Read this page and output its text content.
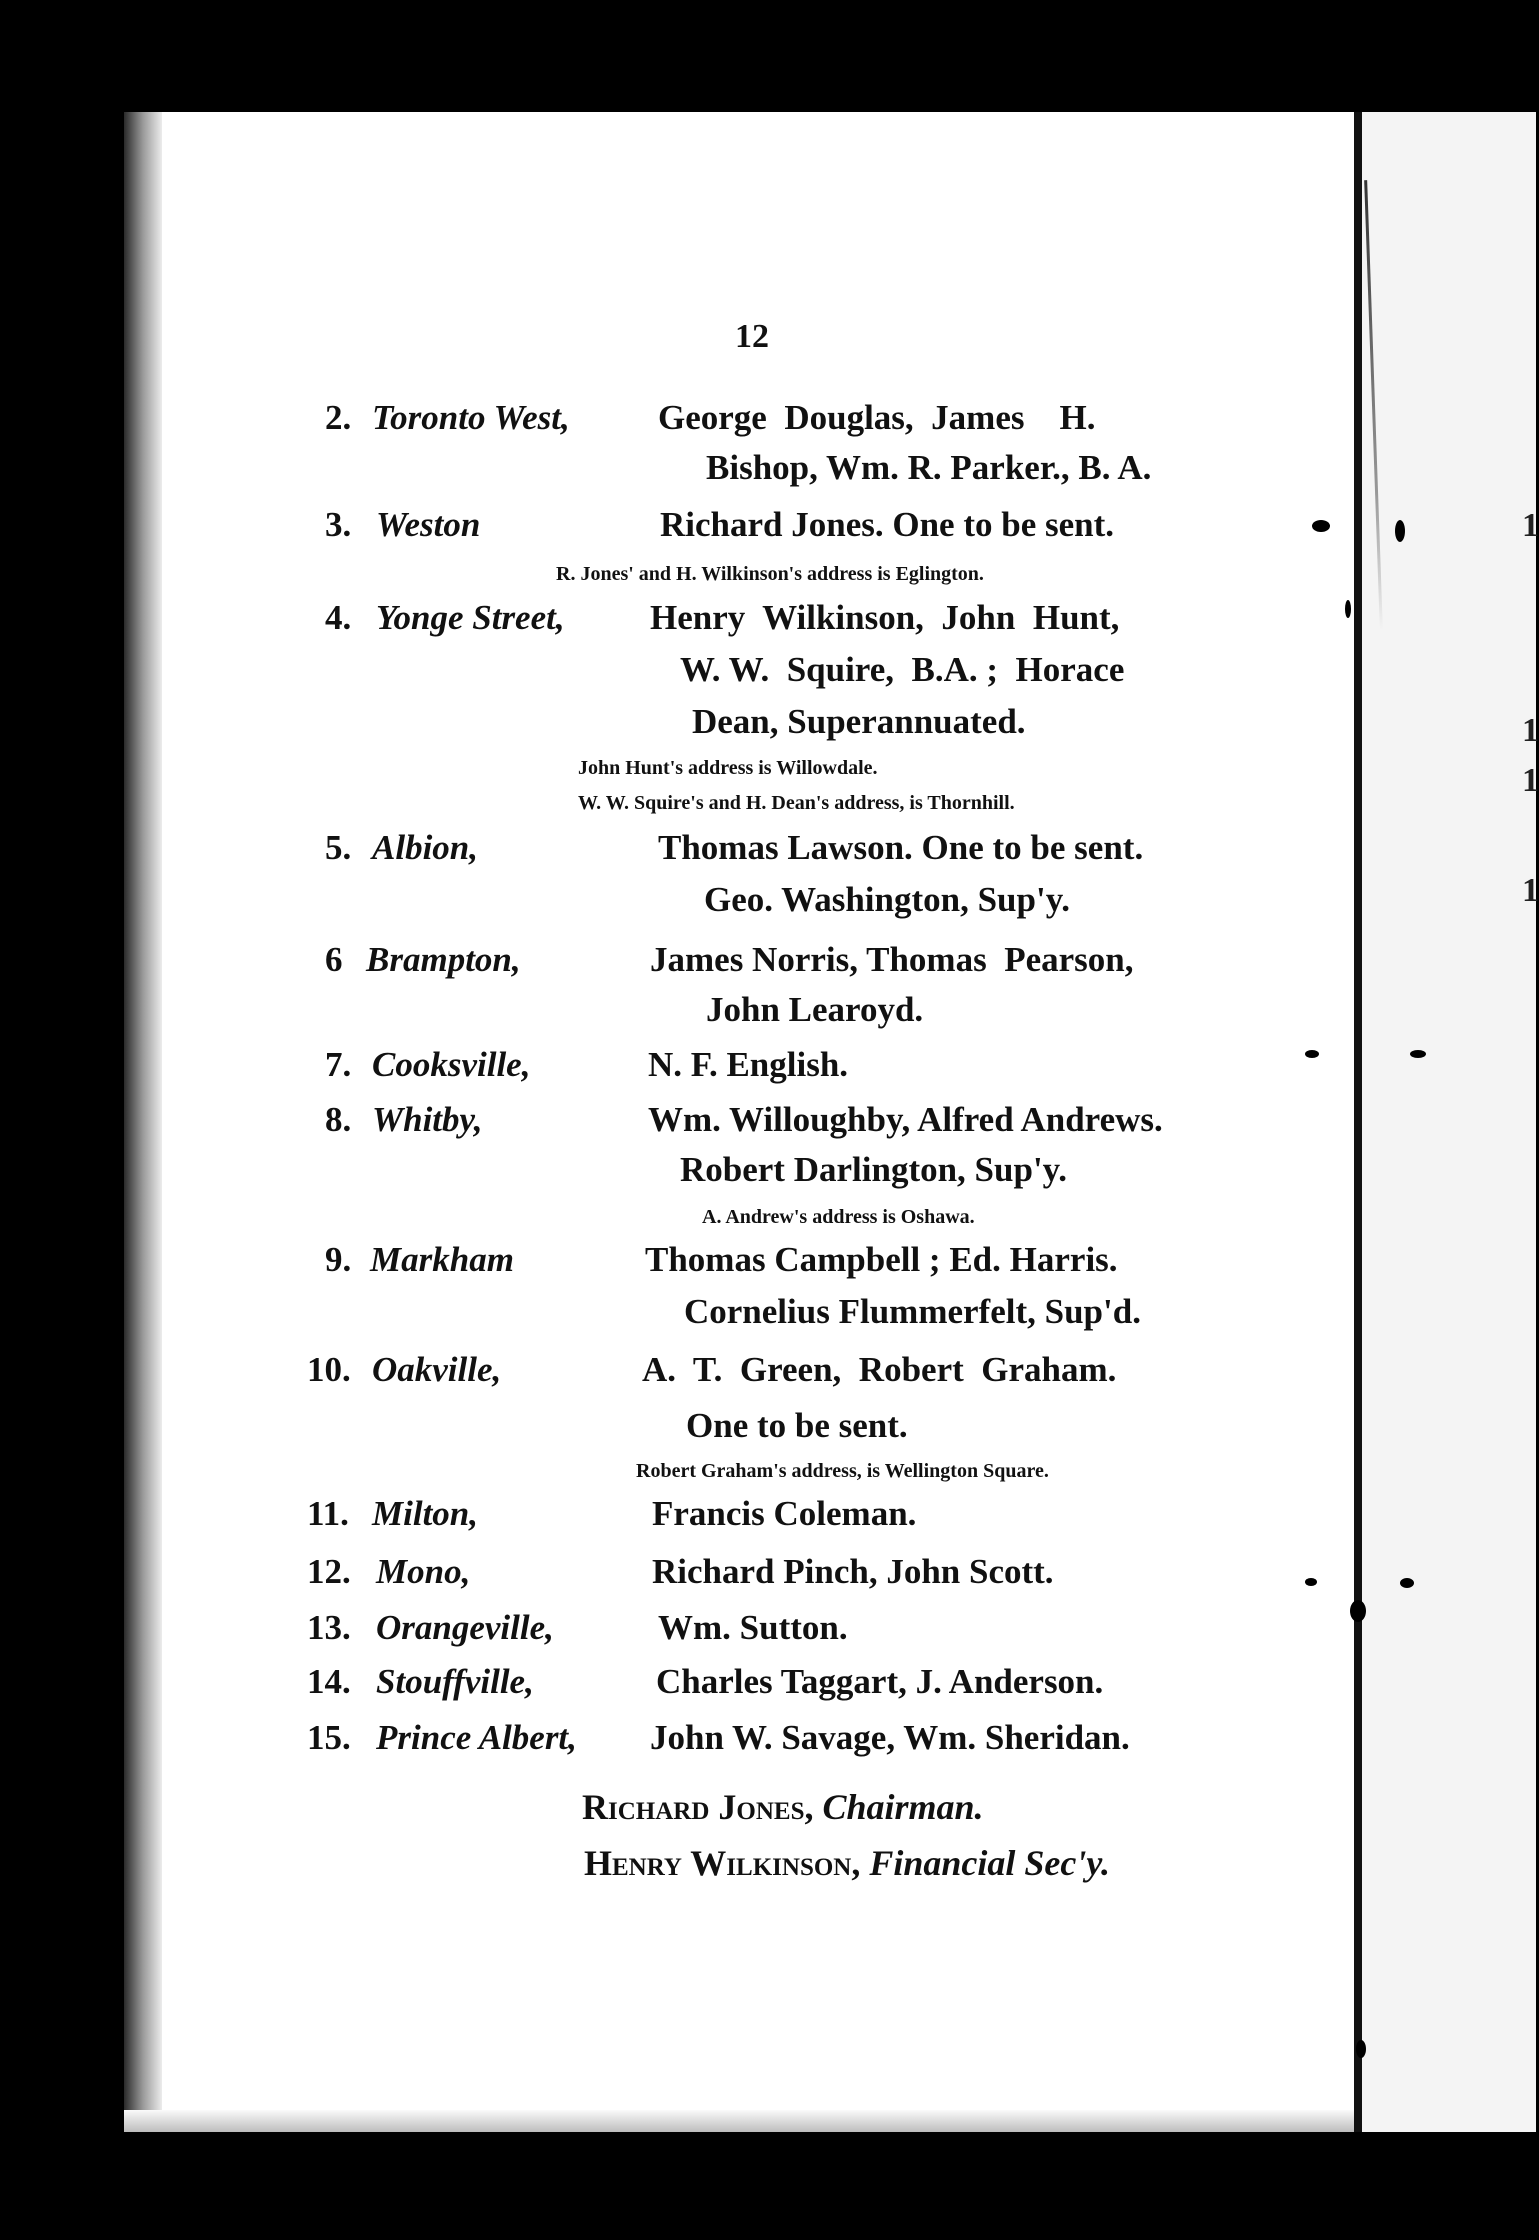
1
1
1
1
12
2. Toronto West,	George  Douglas,  James    H.
Bishop, Wm. R. Parker., B. A.
3. Weston	Richard Jones. One to be sent.
R. Jones' and H. Wilkinson's address is Eglington.
4. Yonge Street, Henry  Wilkinson,  John  Hunt,
W. W.  Squire,  B.A. ;  Horace
Dean, Superannuated.
John Hunt's address is Willowdale.
W. W. Squire's and H. Dean's address, is Thornhill.
5. Albion,	Thomas Lawson. One to be sent.
Geo. Washington, Sup'y.
6 Brampton,	James Norris, Thomas  Pearson,
John Learoyd.
7. Cooksville,	N. F. English.
8. Whitby,	Wm. Willoughby, Alfred Andrews.
Robert Darlington, Sup'y.
A. Andrew's address is Oshawa.
9. Markham	Thomas Campbell ; Ed. Harris.
Cornelius Flummerfelt, Sup'd.
10. Oakville,	A.  T.  Green,  Robert  Graham.
One to be sent.
Robert Graham's address, is Wellington Square.
11. Milton,	Francis Coleman.
12. Mono,	Richard Pinch, John Scott.
13. Orangeville,	Wm. Sutton.
14. Stouffville,	Charles Taggart, J. Anderson.
15. Prince Albert, John W. Savage, Wm. Sheridan.
Richard Jones, Chairman.
Henry Wilkinson, Financial Sec'y.
